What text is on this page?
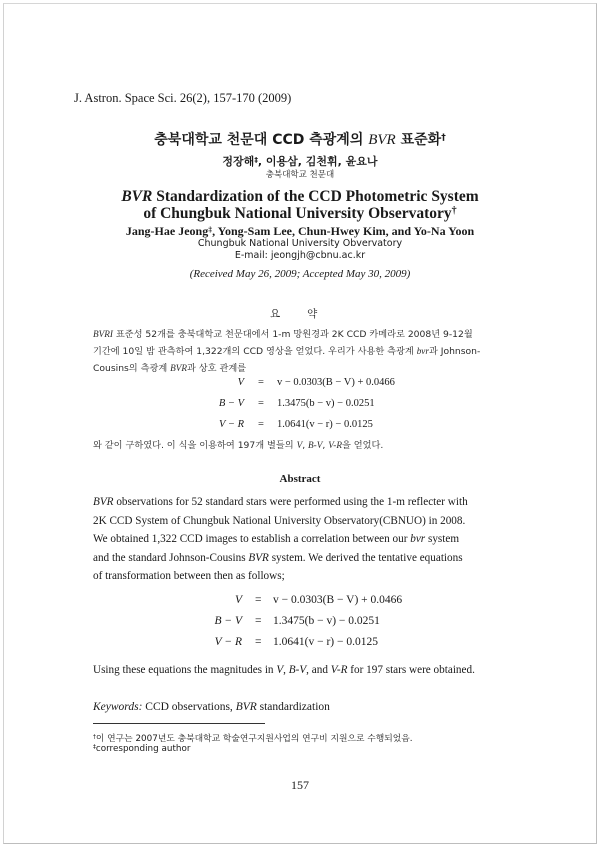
J. Astron. Space Sci. 26(2), 157-170 (2009)
충북대학교 천문대 CCD 측광계의 BVR 표준화†
정장해‡, 이용삼, 김천휘, 윤요나
충북대학교 천문대
BVR Standardization of the CCD Photometric System
of Chungbuk National University Observatory†
Jang-Hae Jeong‡, Yong-Sam Lee, Chun-Hwey Kim, and Yo-Na Yoon
Chungbuk National University Obvervatory
E-mail: jeongjh@cbnu.ac.kr
(Received May 26, 2009; Accepted May 30, 2009)
요 약
BVRI 표준성 52개를 충북대학교 천문대에서 1-m 망원경과 2K CCD 카메라로 2008년 9-12월
기간에 10일 밤 관측하여 1,322개의 CCD 영상을 얻었다. 우리가 사용한 측광계 bvr과 Johnson-
Cousins의 측광계 BVR과 상호 관계를
V = v − 0.0303(B − V) + 0.0466
B − V = 1.3475(b − v) − 0.0251
V − R = 1.0641(v − r) − 0.0125
와 같이 구하였다. 이 식을 이용하여 197개 별들의 V, B-V, V-R을 얻었다.
Abstract
BVR observations for 52 standard stars were performed using the 1-m reflecter with
2K CCD System of Chungbuk National University Observatory(CBNUO) in 2008.
We obtained 1,322 CCD images to establish a correlation between our bvr system
and the standard Johnson-Cousins BVR system. We derived the tentative equations
of transformation between then as follows;
V = v − 0.0303(B − V) + 0.0466
B − V = 1.3475(b − v) − 0.0251
V − R = 1.0641(v − r) − 0.0125
Using these equations the magnitudes in V, B-V, and V-R for 197 stars were obtained.
Keywords: CCD observations, BVR standardization
†이 연구는 2007년도 충북대학교 학술연구지원사업의 연구비 지원으로 수행되었음.
‡corresponding author
157
